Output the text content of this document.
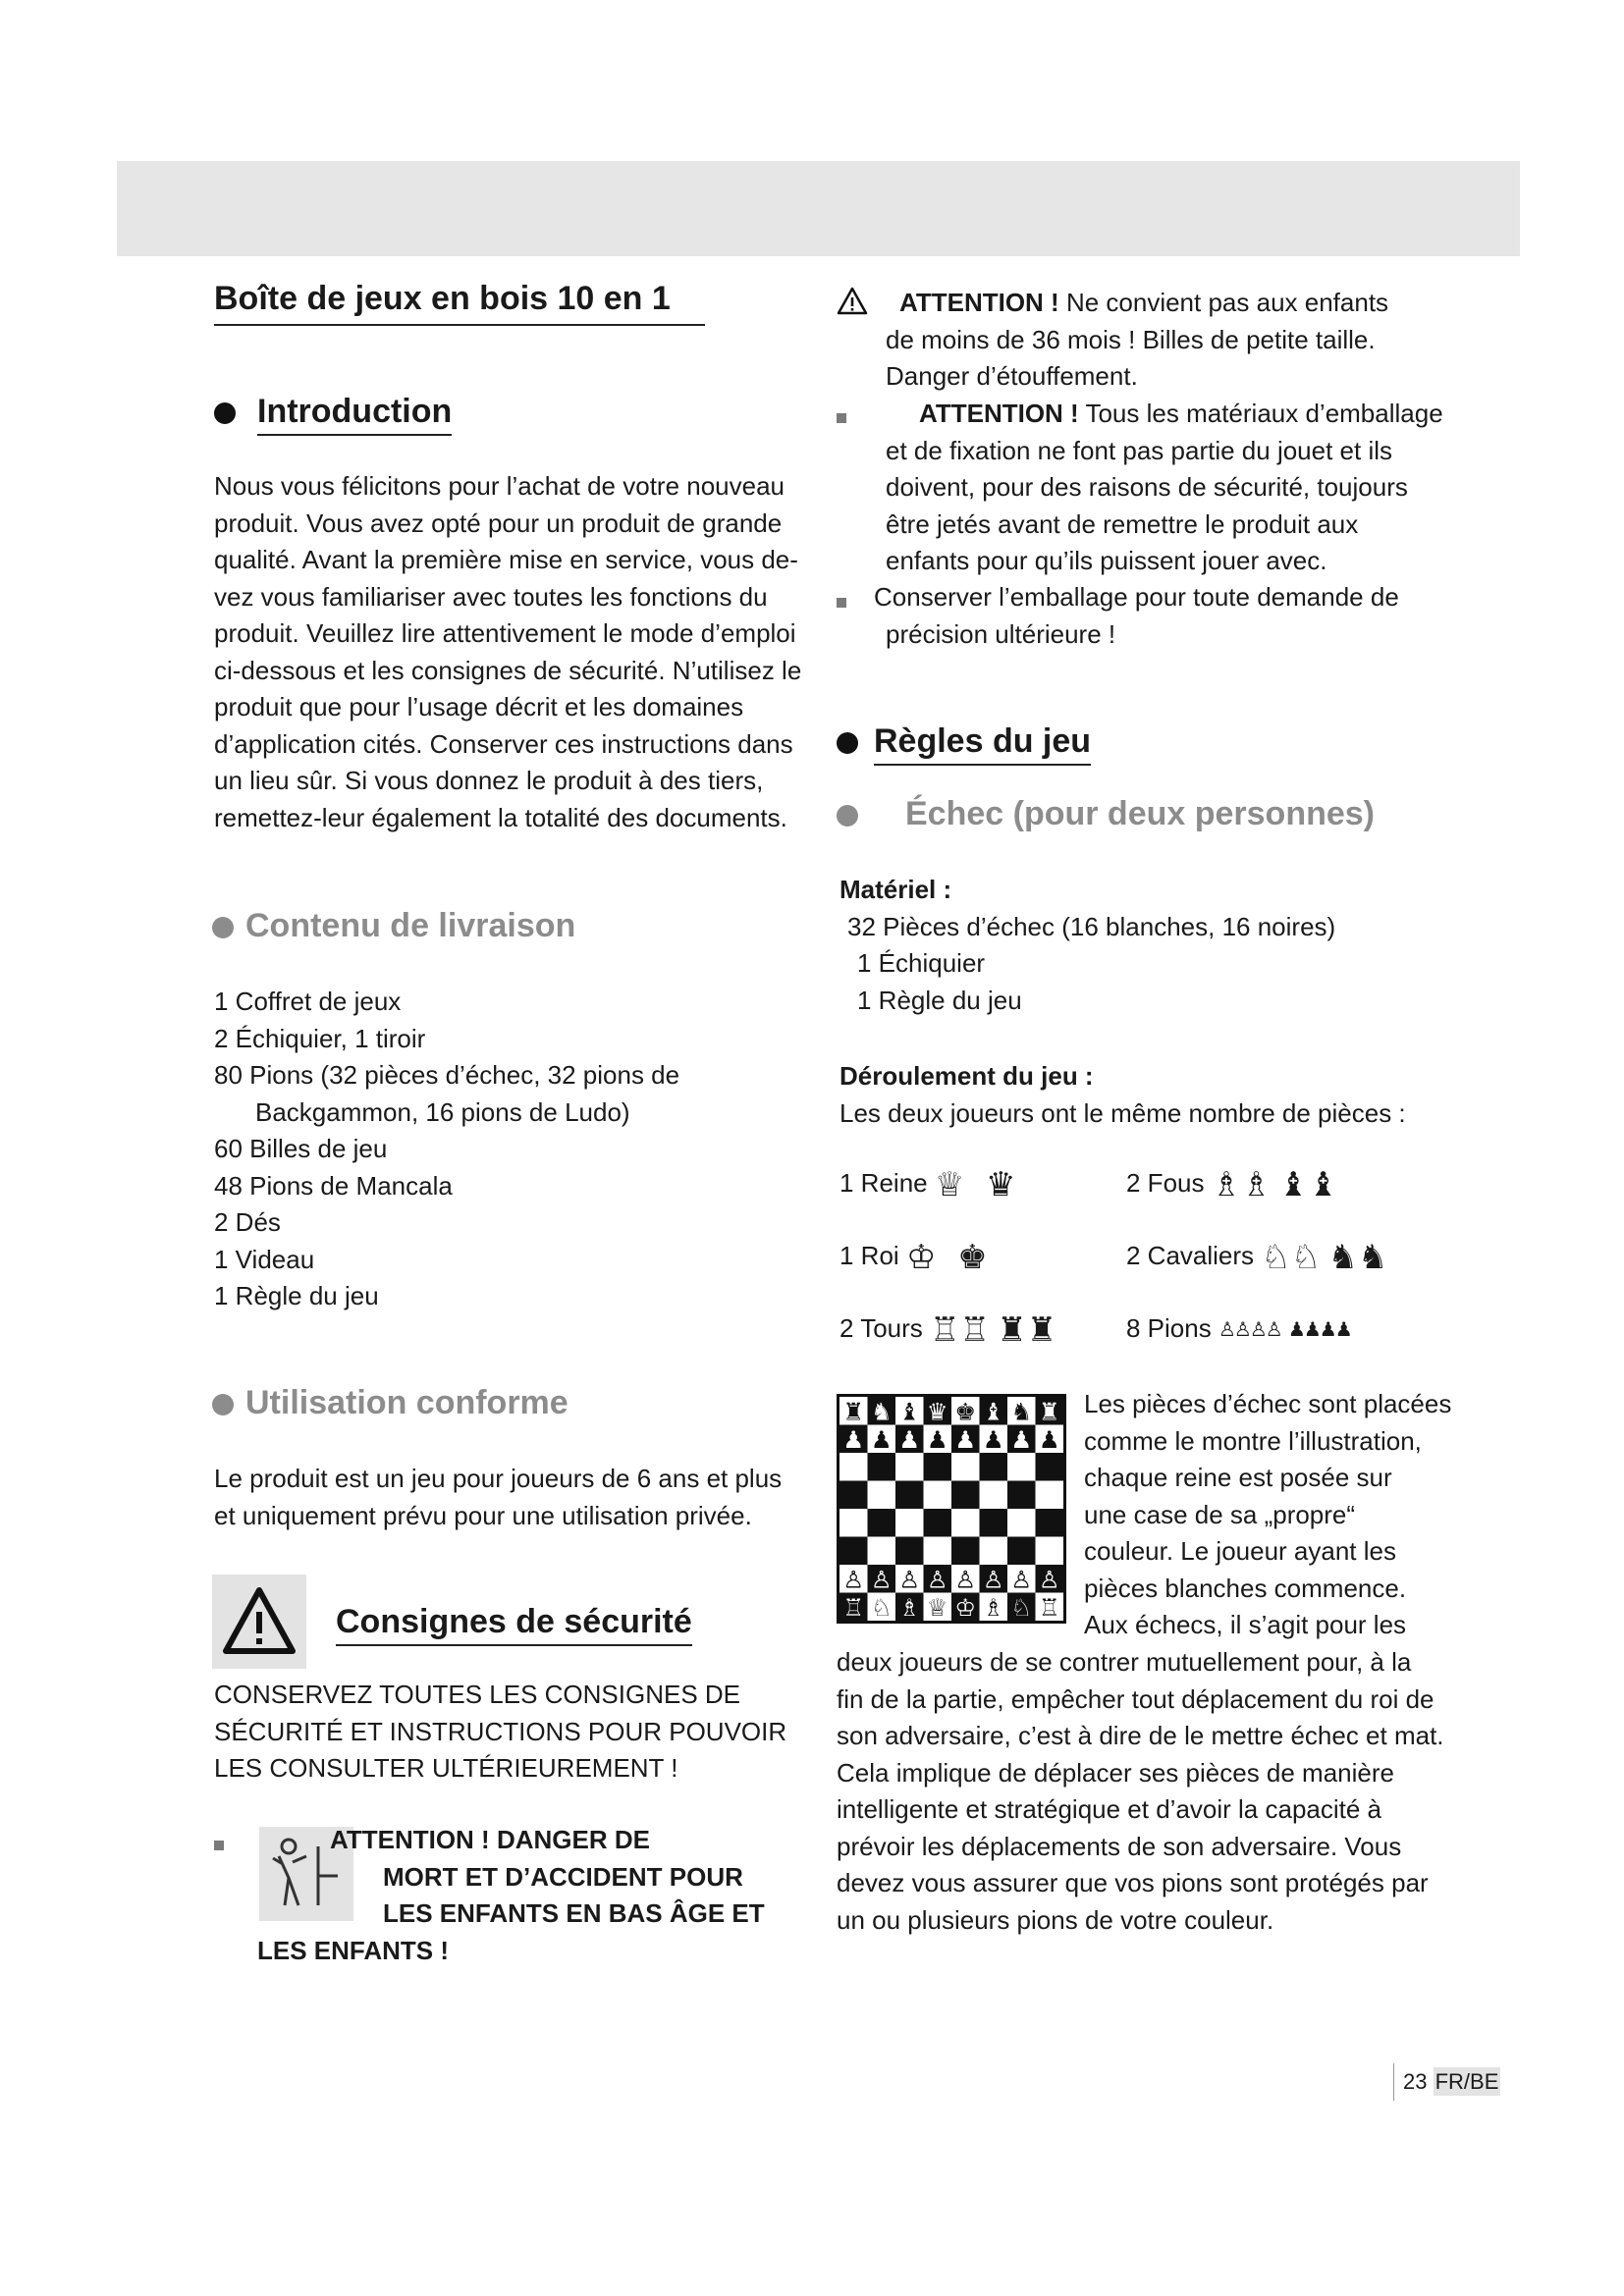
Boîte de jeux en bois 10 en 1
Introduction
Nous vous félicitons pour l’achat de votre nouveau
produit. Vous avez opté pour un produit de grande
qualité. Avant la première mise en service, vous de-
vez vous familiariser avec toutes les fonctions du
produit. Veuillez lire attentivement le mode d’emploi
ci-dessous et les consignes de sécurité. N’utilisez le
produit que pour l’usage décrit et les domaines
d’application cités. Conserver ces instructions dans
un lieu sûr. Si vous donnez le produit à des tiers,
remettez-leur également la totalité des documents.
Contenu de livraison
1 Coffret de jeux
2 Échiquier, 1 tiroir
80 Pions (32 pièces d’échec, 32 pions de
Backgammon, 16 pions de Ludo)
60 Billes de jeu
48 Pions de Mancala
2 Dés
1 Videau
1 Règle du jeu
Utilisation conforme
Le produit est un jeu pour joueurs de 6 ans et plus
et uniquement prévu pour une utilisation privée.
Consignes de sécurité
CONSERVEZ TOUTES LES CONSIGNES DE
SÉCURITÉ ET INSTRUCTIONS POUR POUVOIR
LES CONSULTER ULTÉRIEUREMENT !
ATTENTION ! DANGER DE
MORT ET D’ACCIDENT POUR
LES ENFANTS EN BAS ÂGE ET
LES ENFANTS !
ATTENTION ! Ne convient pas aux enfants
de moins de 36 mois ! Billes de petite taille.
Danger d’étouffement.
ATTENTION ! Tous les matériaux d’emballage
et de fixation ne font pas partie du jouet et ils
doivent, pour des raisons de sécurité, toujours
être jetés avant de remettre le produit aux
enfants pour qu’ils puissent jouer avec.
Conserver l’emballage pour toute demande de
précision ultérieure !
Règles du jeu
Échec (pour deux personnes)
Matériel :
32 Pièces d’échec (16 blanches, 16 noires)
1 Échiquier
1 Règle du jeu
Déroulement du jeu :
Les deux joueurs ont le même nombre de pièces :
1 Reine ♕ ♛
1 Roi ♔ ♚
2 Tours ♖♖ ♜♜
2 Fous ♗♗ ♝♝
2 Cavaliers ♘♘ ♞♞
8 Pions ♙♙♙♙ ♟♟♟♟
Les pièces d’échec sont placées
comme le montre l’illustration,
chaque reine est posée sur
une case de sa „propre“
couleur. Le joueur ayant les
pièces blanches commence.
Aux échecs, il s’agit pour les
deux joueurs de se contrer mutuellement pour, à la
fin de la partie, empêcher tout déplacement du roi de
son adversaire, c’est à dire de le mettre échec et mat.
Cela implique de déplacer ses pièces de manière
intelligente et stratégique et d’avoir la capacité à
prévoir les déplacements de son adversaire. Vous
devez vous assurer que vos pions sont protégés par
un ou plusieurs pions de votre couleur.
23 FR/BE
